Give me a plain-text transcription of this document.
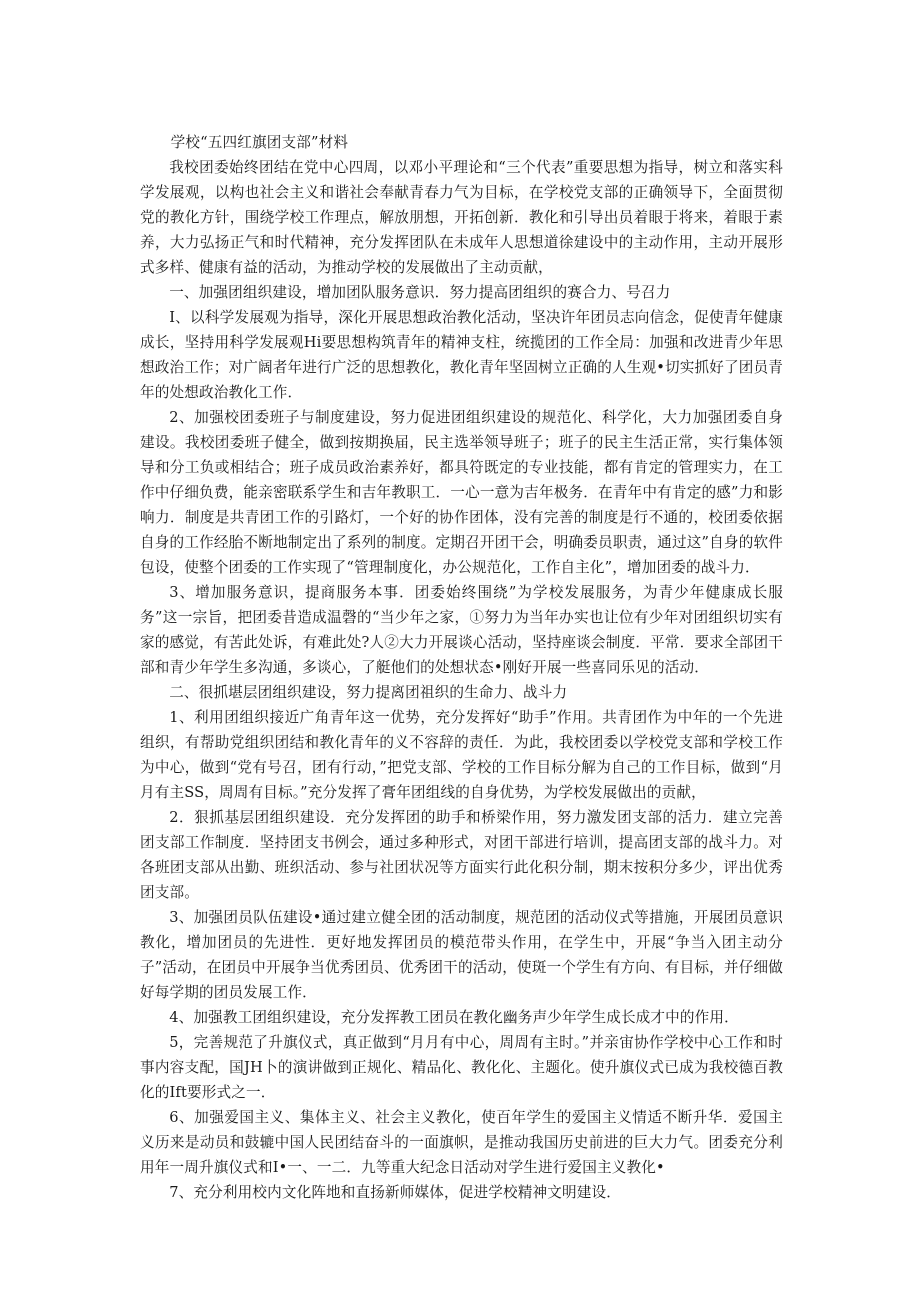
学校“五四红旗团支部”材料

我校团委始终团结在党中心四周，以邓小平理论和“三个代表”重要思想为指导，树立和落实科学发展观，以构也社会主义和谐社会奉献青春力气为目标，在学校党支部的正确领导下，全面贯彻党的教化方针，围绕学校工作理点，解放朋想，开拓创新．教化和引导出员着眼于将来，着眼于素养，大力弘扬正气和时代精神，充分发挥团队在未成年人思想道徐建设中的主动作用，主动开展形式多样、健康有益的活动，为推动学校的发展做出了主动贡献，

一、加强团组织建设，增加团队服务意识．努力提高团组织的赛合力、号召力

I、以科学发展观为指导，深化开展思想政治教化活动，坚决许年团员志向信念，促使青年健康成长，坚持用科学发展观Hi要思想构筑青年的精神支柱，统揽团的工作全局：加强和改进青少年思想政治工作；对广阔者年进行广泛的思想教化，教化青年坚固树立正确的人生观•切实抓好了团员青年的处想政治教化工作．

2、加强校团委班子与制度建设，努力促进团组织建设的规范化、科学化，大力加强团委自身建设。我校团委班子健全，做到按期换届，民主选举领导班子；班子的民主生活正常，实行集体领导和分工负或相结合；班子成员政治素养好，都具符既定的专业技能，都有肯定的管理实力，在工作中仔细负费，能亲密联系学生和吉年教职工．一心一意为吉年极务．在青年中有肯定的感”力和影响力．制度是共青团工作的引路灯，一个好的协作团体，没有完善的制度是行不通的，校团委依据自身的工作经胎不断地制定出了系列的制度。定期召开团干会，明确委员职责，通过这”自身的软件包设，使整个团委的工作实现了“管理制度化，办公规范化，工作自主化”，增加团委的战斗力．

3、增加服务意识，提商服务本事．团委始终围绕”为学校发展服务，为青少年健康成长服务”这一宗旨，把团委昔造成温磬的“当少年之家，①努力为当年办实也让位有少年对团组织切实有家的感觉，有苦此处诉，有难此处?人②大力开展谈心活动，坚持座谈会制度．平常．要求全部团干部和青少年学生多沟通，多谈心，了艇他们的处想状态•刚好开展一些喜同乐见的活动．

二、很抓堪层团组织建设，努力提离团祖织的生命力、战斗力

1、利用团组织接近广角青年这一优势，充分发挥好“助手”作用。共青团作为中年的一个先进组织，有帮助党组织团结和教化青年的义不容辞的责任．为此，我校团委以学校党支部和学校工作为中心，做到“党有号召，团有行动，”把党支部、学校的工作目标分解为自己的工作目标，做到“月月有主SS，周周有目标。”充分发挥了膏年团组线的自身优势，为学校发展做出的贡献，

2．狠抓基层团组织建设．充分发挥团的助手和桥梁作用，努力激发团支部的活力．建立完善团支部工作制度．坚持团支书例会，通过多种形式，对团干部进行培训，提高团支部的战斗力。对各班团支部从出勤、班织活动、参与社团状况等方面实行此化积分制，期末按积分多少，评出优秀团支部。

3、加强团员队伍建设•通过建立健全团的活动制度，规范团的活动仪式等措施，开展团员意识教化，增加团员的先进性．更好地发挥团员的模范带头作用，在学生中，开展“争当入团主动分子”活动，在团员中开展争当优秀团员、优秀团干的活动，使斑一个学生有方向、有目标，并仔细做好每学期的团员发展工作．

4、加强教工团组织建设，充分发挥教工团员在教化幽务声少年学生成长成才中的作用．

5，完善规范了升旗仪式，真正做到“月月有中心，周周有主时。”并亲宙协作学校中心工作和时事内容支配，国JH卜的演讲做到正规化、精品化、教化化、主题化。使升旗仪式已成为我校德百教化的Ift要形式之一．

6、加强爱国主义、集体主义、社会主义教化，使百年学生的爱国主义情适不断升华．爱国主义历来是动员和鼓辘中国人民团结奋斗的一面旗帜，是推动我国历史前进的巨大力气。团委充分利用年一周升旗仪式和I•一、一二．九等重大纪念日活动对学生进行爱国主义教化•

7、充分利用校内文化阵地和直扬新师媒体，促进学校精神文明建设．
